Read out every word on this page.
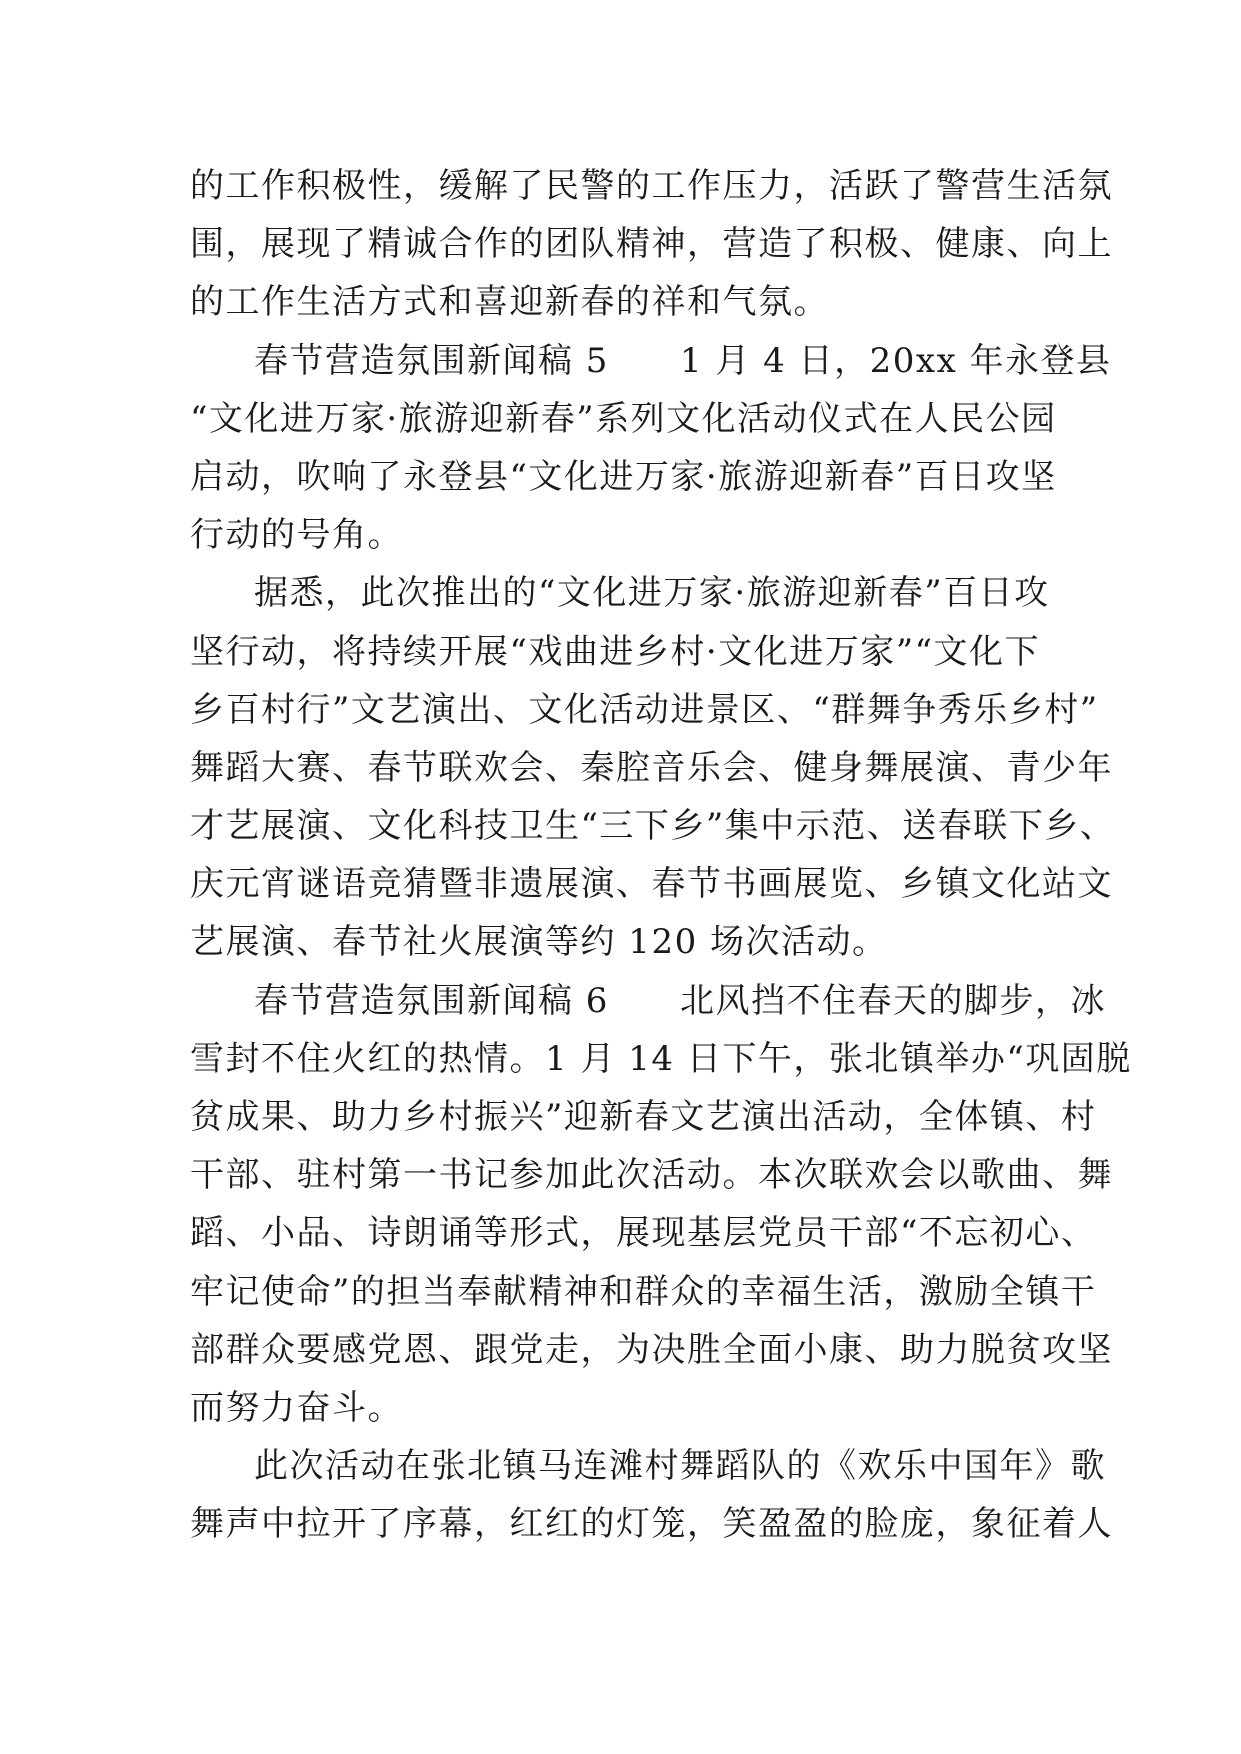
的工作积极性，缓解了民警的工作压力，活跃了警营生活氛
围，展现了精诚合作的团队精神，营造了积极、健康、向上
的工作生活方式和喜迎新春的祥和气氛。
春节营造氛围新闻稿 5　　1 月 4 日，20xx 年永登县
“文化进万家·旅游迎新春”系列文化活动仪式在人民公园
启动，吹响了永登县“文化进万家·旅游迎新春”百日攻坚
行动的号角。
据悉，此次推出的“文化进万家·旅游迎新春”百日攻
坚行动，将持续开展“戏曲进乡村·文化进万家”“文化下
乡百村行”文艺演出、文化活动进景区、“群舞争秀乐乡村”
舞蹈大赛、春节联欢会、秦腔音乐会、健身舞展演、青少年
才艺展演、文化科技卫生“三下乡”集中示范、送春联下乡、
庆元宵谜语竞猜暨非遗展演、春节书画展览、乡镇文化站文
艺展演、春节社火展演等约 120 场次活动。
春节营造氛围新闻稿 6　　北风挡不住春天的脚步，冰
雪封不住火红的热情。1 月 14 日下午，张北镇举办“巩固脱
贫成果、助力乡村振兴”迎新春文艺演出活动，全体镇、村
干部、驻村第一书记参加此次活动。本次联欢会以歌曲、舞
蹈、小品、诗朗诵等形式，展现基层党员干部“不忘初心、
牢记使命”的担当奉献精神和群众的幸福生活，激励全镇干
部群众要感党恩、跟党走，为决胜全面小康、助力脱贫攻坚
而努力奋斗。
此次活动在张北镇马连滩村舞蹈队的《欢乐中国年》歌
舞声中拉开了序幕，红红的灯笼，笑盈盈的脸庞，象征着人
